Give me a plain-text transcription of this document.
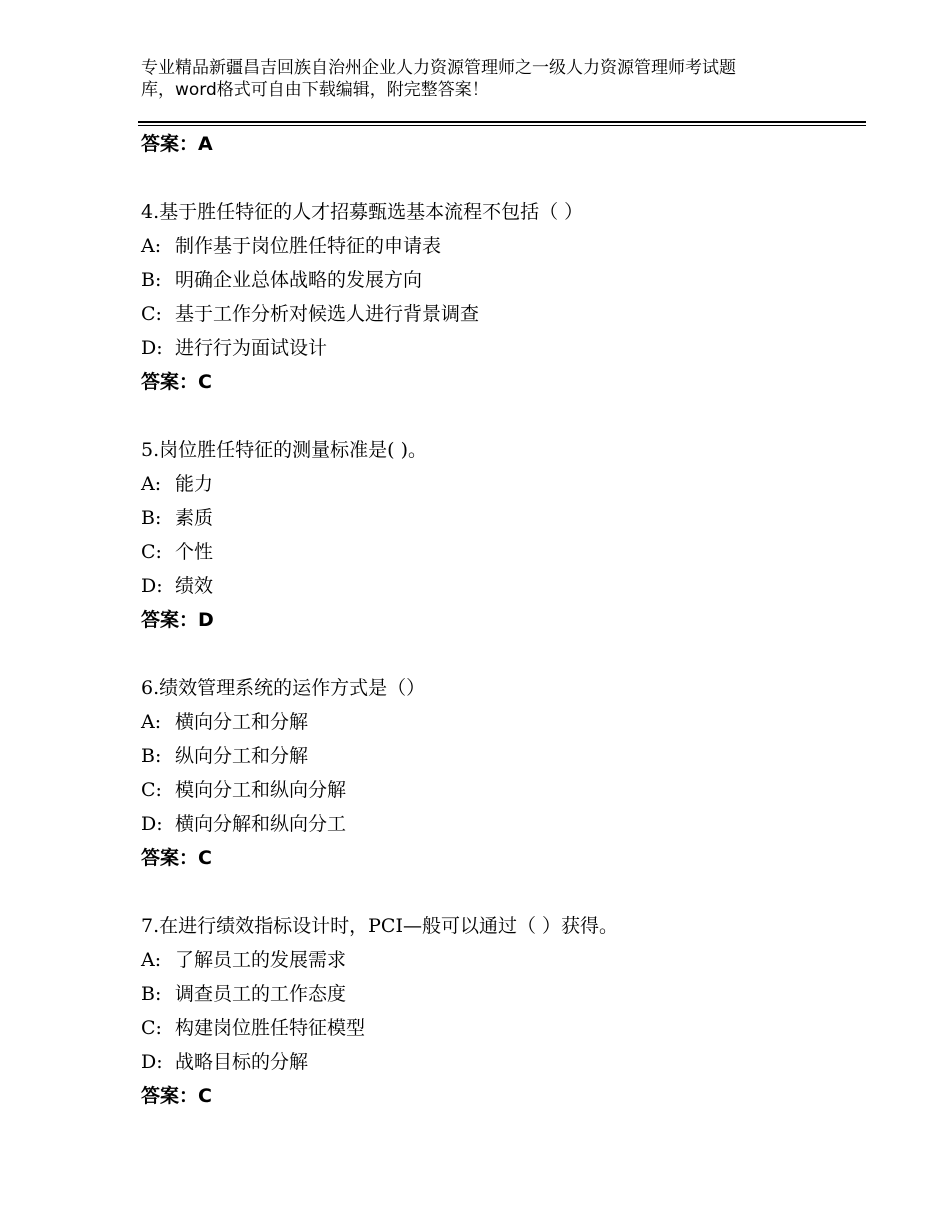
专业精品新疆昌吉回族自治州企业人力资源管理师之一级人力资源管理师考试题
库，word格式可自由下载编辑，附完整答案！
答案：A
4.基于胜任特征的人才招募甄选基本流程不包括（ ）
A: 制作基于岗位胜任特征的申请表
B: 明确企业总体战略的发展方向
C: 基于工作分析对候选人进行背景调查
D: 进行行为面试设计
答案：C
5.岗位胜任特征的测量标准是( )。
A: 能力
B: 素质
C: 个性
D: 绩效
答案：D
6.绩效管理系统的运作方式是（）
A: 横向分工和分解
B: 纵向分工和分解
C: 模向分工和纵向分解
D: 横向分解和纵向分工
答案：C
7.在进行绩效指标设计时，PCI—般可以通过（ ）获得。
A: 了解员工的发展需求
B: 调查员工的工作态度
C: 构建岗位胜任特征模型
D: 战略目标的分解
答案：C
